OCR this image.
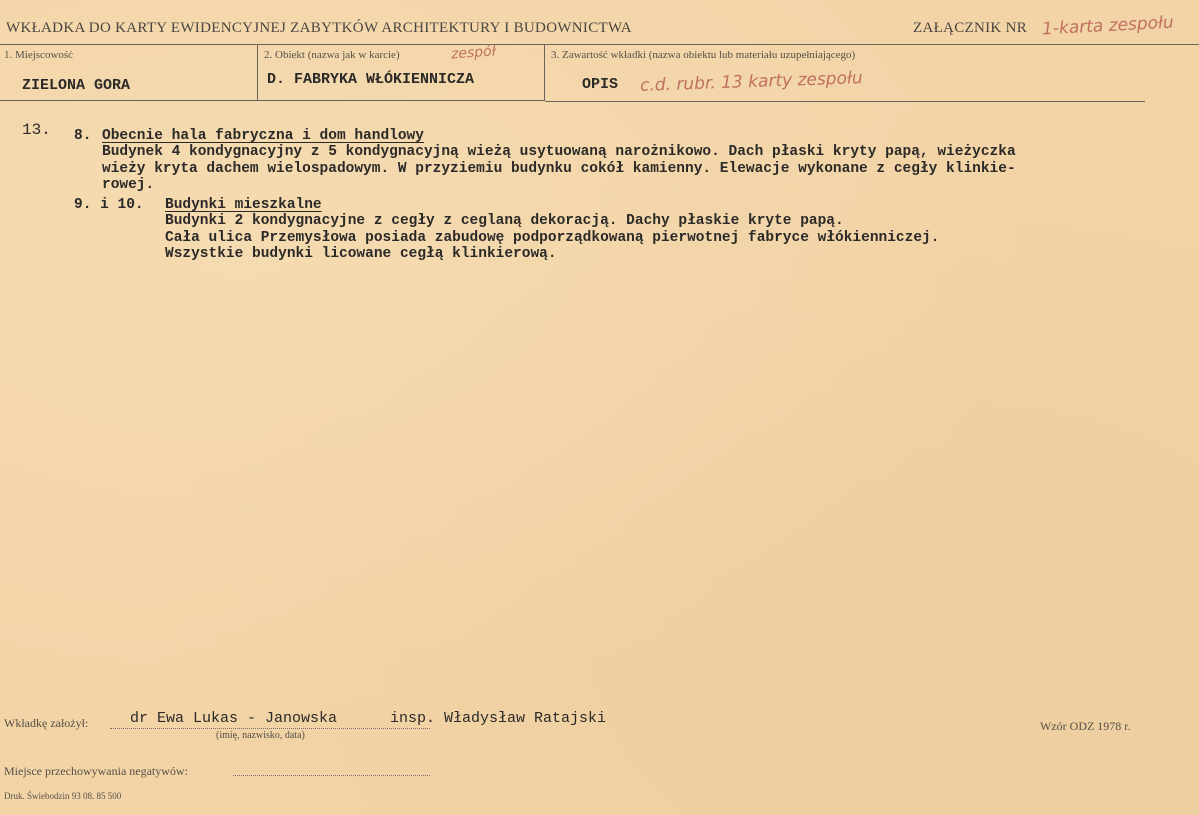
WKŁADKA DO KARTY EWIDENCYJNEJ ZABYTKÓW ARCHITEKTURY I BUDOWNICTWA	ZAŁĄCZNIK NR 1-karta zespołu
1. Miejscowość	2. Obiekt (nazwa jak w karcie)	zespół	3. Zawartość wkładki (nazwa obiektu lub materiału uzupełniającego)
ZIELONA GORA	D. FABRYKA WŁÓKIENNICZA	OPIS c.d. rubr. 13 karty zespołu
13. 8. Obecnie hala fabryczna i dom handlowy
Budynek 4 kondygnacyjny z 5 kondygnacyjną wieżą usytuowaną narożnikowo. Dach płaski kryty papą, wieżyczka
wieży kryta dachem wielospadowym. W przyziemiu budynku cokół kamienny. Elewacje wykonane z cegły klinkie-
rowej.
9. i 10. Budynki mieszkalne
Budynki 2 kondygnacyjne z cegły z ceglaną dekoracją. Dachy płaskie kryte papą.
Cała ulica Przemysłowa posiada zabudowę podporządkowaną pierwotnej fabryce włókienniczej.
Wszystkie budynki licowane cegłą klinkierową.
Wkładkę założył:	dr Ewa Lukas - Janowska	insp. Władysław Ratajski
(imię, nazwisko, data)
Wzór ODZ 1978 r.
Miejsce przechowywania negatywów:
Druk. Świebodzin 93 08. 85 500
